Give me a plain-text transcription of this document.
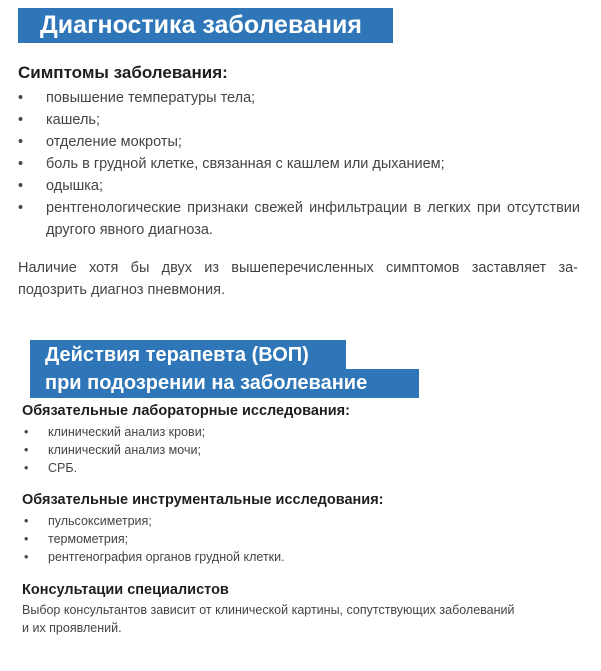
Диагностика заболевания
Симптомы заболевания:
• повышение температуры тела;
• кашель;
• отделение мокроты;
• боль в грудной клетке, связанная с кашлем или дыханием;
• одышка;
• рентгенологические признаки свежей инфильтрации в легких при отсутствии другого явного диагноза.
Наличие хотя бы двух из вышеперечисленных симптомов заставляет за-подозрить диагноз пневмония.
Действия терапевта (ВОП)
при подозрении на заболевание
Обязательные лабораторные исследования:
• клинический анализ крови;
• клинический анализ мочи;
• СРБ.
Обязательные инструментальные исследования:
• пульсоксиметрия;
• термометрия;
• рентгенография органов грудной клетки.
Консультации специалистов
Выбор консультантов зависит от клинической картины, сопутствующих заболеваний и их проявлений.
